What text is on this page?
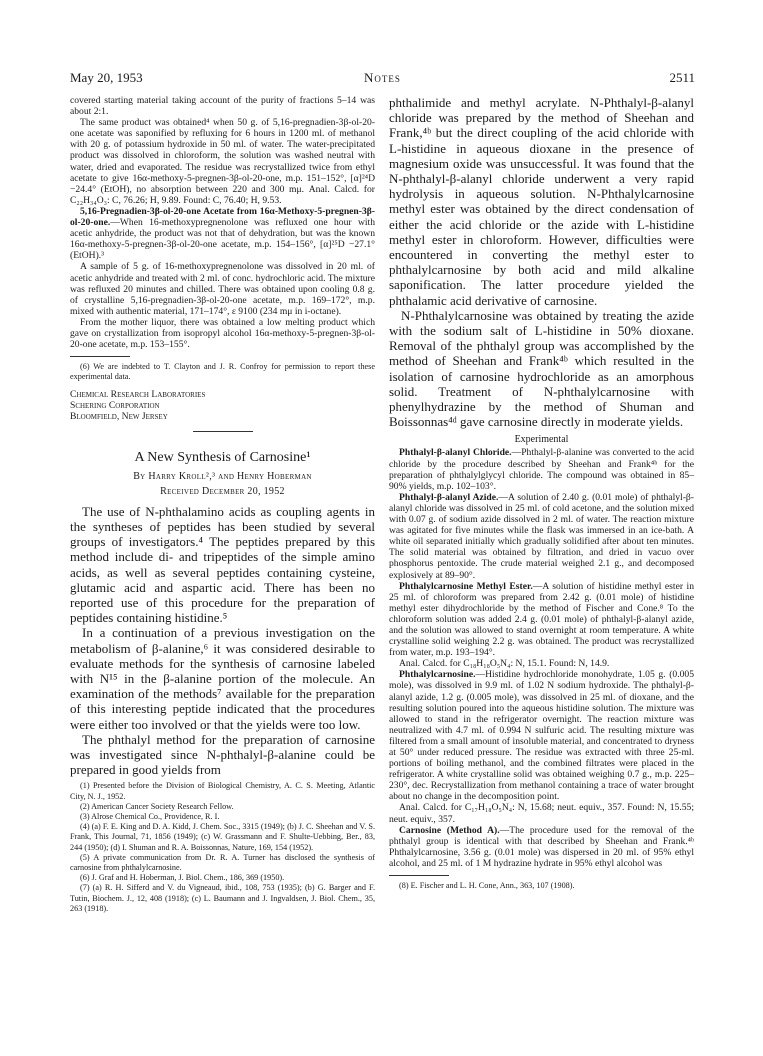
May 20, 1953	Notes	2511

covered starting material taking account of the purity of fractions 5–14 was about 2:1.

The same product was obtained⁴ when 50 g. of 5,16-pregnadien-3β-ol-20-one acetate was saponified by refluxing for 6 hours in 1200 ml. of methanol with 20 g. of potassium hydroxide in 50 ml. of water. The water-precipitated product was dissolved in chloroform, the solution was washed neutral with water, dried and evaporated. The residue was recrystallized twice from ethyl acetate to give 16α-methoxy-5-pregnen-3β-ol-20-one, m.p. 151–152°, [α]²⁴D −24.4° (EtOH), no absorption between 220 and 300 mμ. Anal. Calcd. for C₂₂H₃₄O₃: C, 76.26; H, 9.89. Found: C, 76.40; H, 9.53.

5,16-Pregnadien-3β-ol-20-one Acetate from 16α-Methoxy-5-pregnen-3β-ol-20-one.—When 16-methoxypregnenolone was refluxed one hour with acetic anhydride, the product was not that of dehydration, but was the known 16α-methoxy-5-pregnen-3β-ol-20-one acetate, m.p. 154–156°, [α]²⁵D −27.1° (EtOH).³

A sample of 5 g. of 16-methoxypregnenolone was dissolved in 20 ml. of acetic anhydride and treated with 2 ml. of conc. hydrochloric acid. The mixture was refluxed 20 minutes and chilled. There was obtained upon cooling 0.8 g. of crystalline 5,16-pregnadien-3β-ol-20-one acetate, m.p. 169–172°, m.p. mixed with authentic material, 171–174°, ε 9100 (234 mμ in i-octane).

From the mother liquor, there was obtained a low melting product which gave on crystallization from isopropyl alcohol 16α-methoxy-5-pregnen-3β-ol-20-one acetate, m.p. 153–155°.

(6) We are indebted to T. Clayton and J. R. Confroy for permission to report these experimental data.

Chemical Research Laboratories
Schering Corporation
Bloomfield, New Jersey
A New Synthesis of Carnosine¹
By Harry Kroll²,³ and Henry Hoberman
Received December 20, 1952

The use of N-phthalamino acids as coupling agents in the syntheses of peptides has been studied by several groups of investigators.⁴ The peptides prepared by this method include di- and tripeptides of the simple amino acids, as well as several peptides containing cysteine, glutamic acid and aspartic acid. There has been no reported use of this procedure for the preparation of peptides containing histidine.⁵

In a continuation of a previous investigation on the metabolism of β-alanine,⁶ it was considered desirable to evaluate methods for the synthesis of carnosine labeled with N¹⁵ in the β-alanine portion of the molecule. An examination of the methods⁷ available for the preparation of this interesting peptide indicated that the procedures were either too involved or that the yields were too low.

The phthalyl method for the preparation of carnosine was investigated since N-phthalyl-β-alanine could be prepared in good yields from

(1) Presented before the Division of Biological Chemistry, A. C. S. Meeting, Atlantic City, N. J., 1952.

(2) American Cancer Society Research Fellow.

(3) Alrose Chemical Co., Providence, R. I.

(4) (a) F. E. King and D. A. Kidd, J. Chem. Soc., 3315 (1949); (b) J. C. Sheehan and V. S. Frank, This Journal, 71, 1856 (1949); (c) W. Grassmann and F. Shulte-Uebbing, Ber., 83, 244 (1950); (d) I. Shuman and R. A. Boissonnas, Nature, 169, 154 (1952).

(5) A private communication from Dr. R. A. Turner has disclosed the synthesis of carnosine from phthalylcarnosine.

(6) J. Graf and H. Hoberman, J. Biol. Chem., 186, 369 (1950).

(7) (a) R. H. Sifferd and V. du Vigneaud, ibid., 108, 753 (1935); (b) G. Barger and F. Tutin, Biochem. J., 12, 408 (1918); (c) L. Baumann and J. Ingvaldsen, J. Biol. Chem., 35, 263 (1918).

phthalimide and methyl acrylate. N-Phthalyl-β-alanyl chloride was prepared by the method of Sheehan and Frank,⁴ᵇ but the direct coupling of the acid chloride with L-histidine in aqueous dioxane in the presence of magnesium oxide was unsuccessful. It was found that the N-phthalyl-β-alanyl chloride underwent a very rapid hydrolysis in aqueous solution. N-Phthalylcarnosine methyl ester was obtained by the direct condensation of either the acid chloride or the azide with L-histidine methyl ester in chloroform. However, difficulties were encountered in converting the methyl ester to phthalylcarnosine by both acid and mild alkaline saponification. The latter procedure yielded the phthalamic acid derivative of carnosine.

N-Phthalylcarnosine was obtained by treating the azide with the sodium salt of L-histidine in 50% dioxane. Removal of the phthalyl group was accomplished by the method of Sheehan and Frank⁴ᵇ which resulted in the isolation of carnosine hydrochloride as an amorphous solid. Treatment of N-phthalylcarnosine with phenylhydrazine by the method of Shuman and Boissonnas⁴ᵈ gave carnosine directly in moderate yields.

Experimental

Phthalyl-β-alanyl Chloride.—Phthalyl-β-alanine was converted to the acid chloride by the procedure described by Sheehan and Frank⁴ᵇ for the preparation of phthalylglycyl chloride. The compound was obtained in 85–90% yields, m.p. 102–103°.

Phthalyl-β-alanyl Azide.—A solution of 2.40 g. (0.01 mole) of phthalyl-β-alanyl chloride was dissolved in 25 ml. of cold acetone, and the solution mixed with 0.07 g. of sodium azide dissolved in 2 ml. of water. The reaction mixture was agitated for five minutes while the flask was immersed in an ice-bath. A white oil separated initially which gradually solidified after about ten minutes. The solid material was obtained by filtration, and dried in vacuo over phosphorus pentoxide. The crude material weighed 2.1 g., and decomposed explosively at 89–90°.

Phthalylcarnosine Methyl Ester.—A solution of histidine methyl ester in 25 ml. of chloroform was prepared from 2.42 g. (0.01 mole) of histidine methyl ester dihydrochloride by the method of Fischer and Cone.⁸ To the chloroform solution was added 2.4 g. (0.01 mole) of phthalyl-β-alanyl azide, and the solution was allowed to stand overnight at room temperature. A white crystalline solid weighing 2.2 g. was obtained. The product was recrystallized from water, m.p. 193–194°.

Anal. Calcd. for C₁₈H₁₈O₅N₄: N, 15.1. Found: N, 14.9.

Phthalylcarnosine.—Histidine hydrochloride monohydrate, 1.05 g. (0.005 mole), was dissolved in 9.9 ml. of 1.02 N sodium hydroxide. The phthalyl-β-alanyl azide, 1.2 g. (0.005 mole), was dissolved in 25 ml. of dioxane, and the resulting solution poured into the aqueous histidine solution. The mixture was allowed to stand in the refrigerator overnight. The reaction mixture was neutralized with 4.7 ml. of 0.994 N sulfuric acid. The resulting mixture was filtered from a small amount of insoluble material, and concentrated to dryness at 50° under reduced pressure. The residue was extracted with three 25-ml. portions of boiling methanol, and the combined filtrates were placed in the refrigerator. A white crystalline solid was obtained weighing 0.7 g., m.p. 225–230°, dec. Recrystallization from methanol containing a trace of water brought about no change in the decomposition point.

Anal. Calcd. for C₁₇H₁₈O₅N₄: N, 15.68; neut. equiv., 357. Found: N, 15.55; neut. equiv., 357.

Carnosine (Method A).—The procedure used for the removal of the phthalyl group is identical with that described by Sheehan and Frank.⁴ᵇ Phthalylcarnosine, 3.56 g. (0.01 mole) was dispersed in 20 ml. of 95% ethyl alcohol, and 25 ml. of 1 M hydrazine hydrate in 95% ethyl alcohol was

(8) E. Fischer and L. H. Cone, Ann., 363, 107 (1908).
